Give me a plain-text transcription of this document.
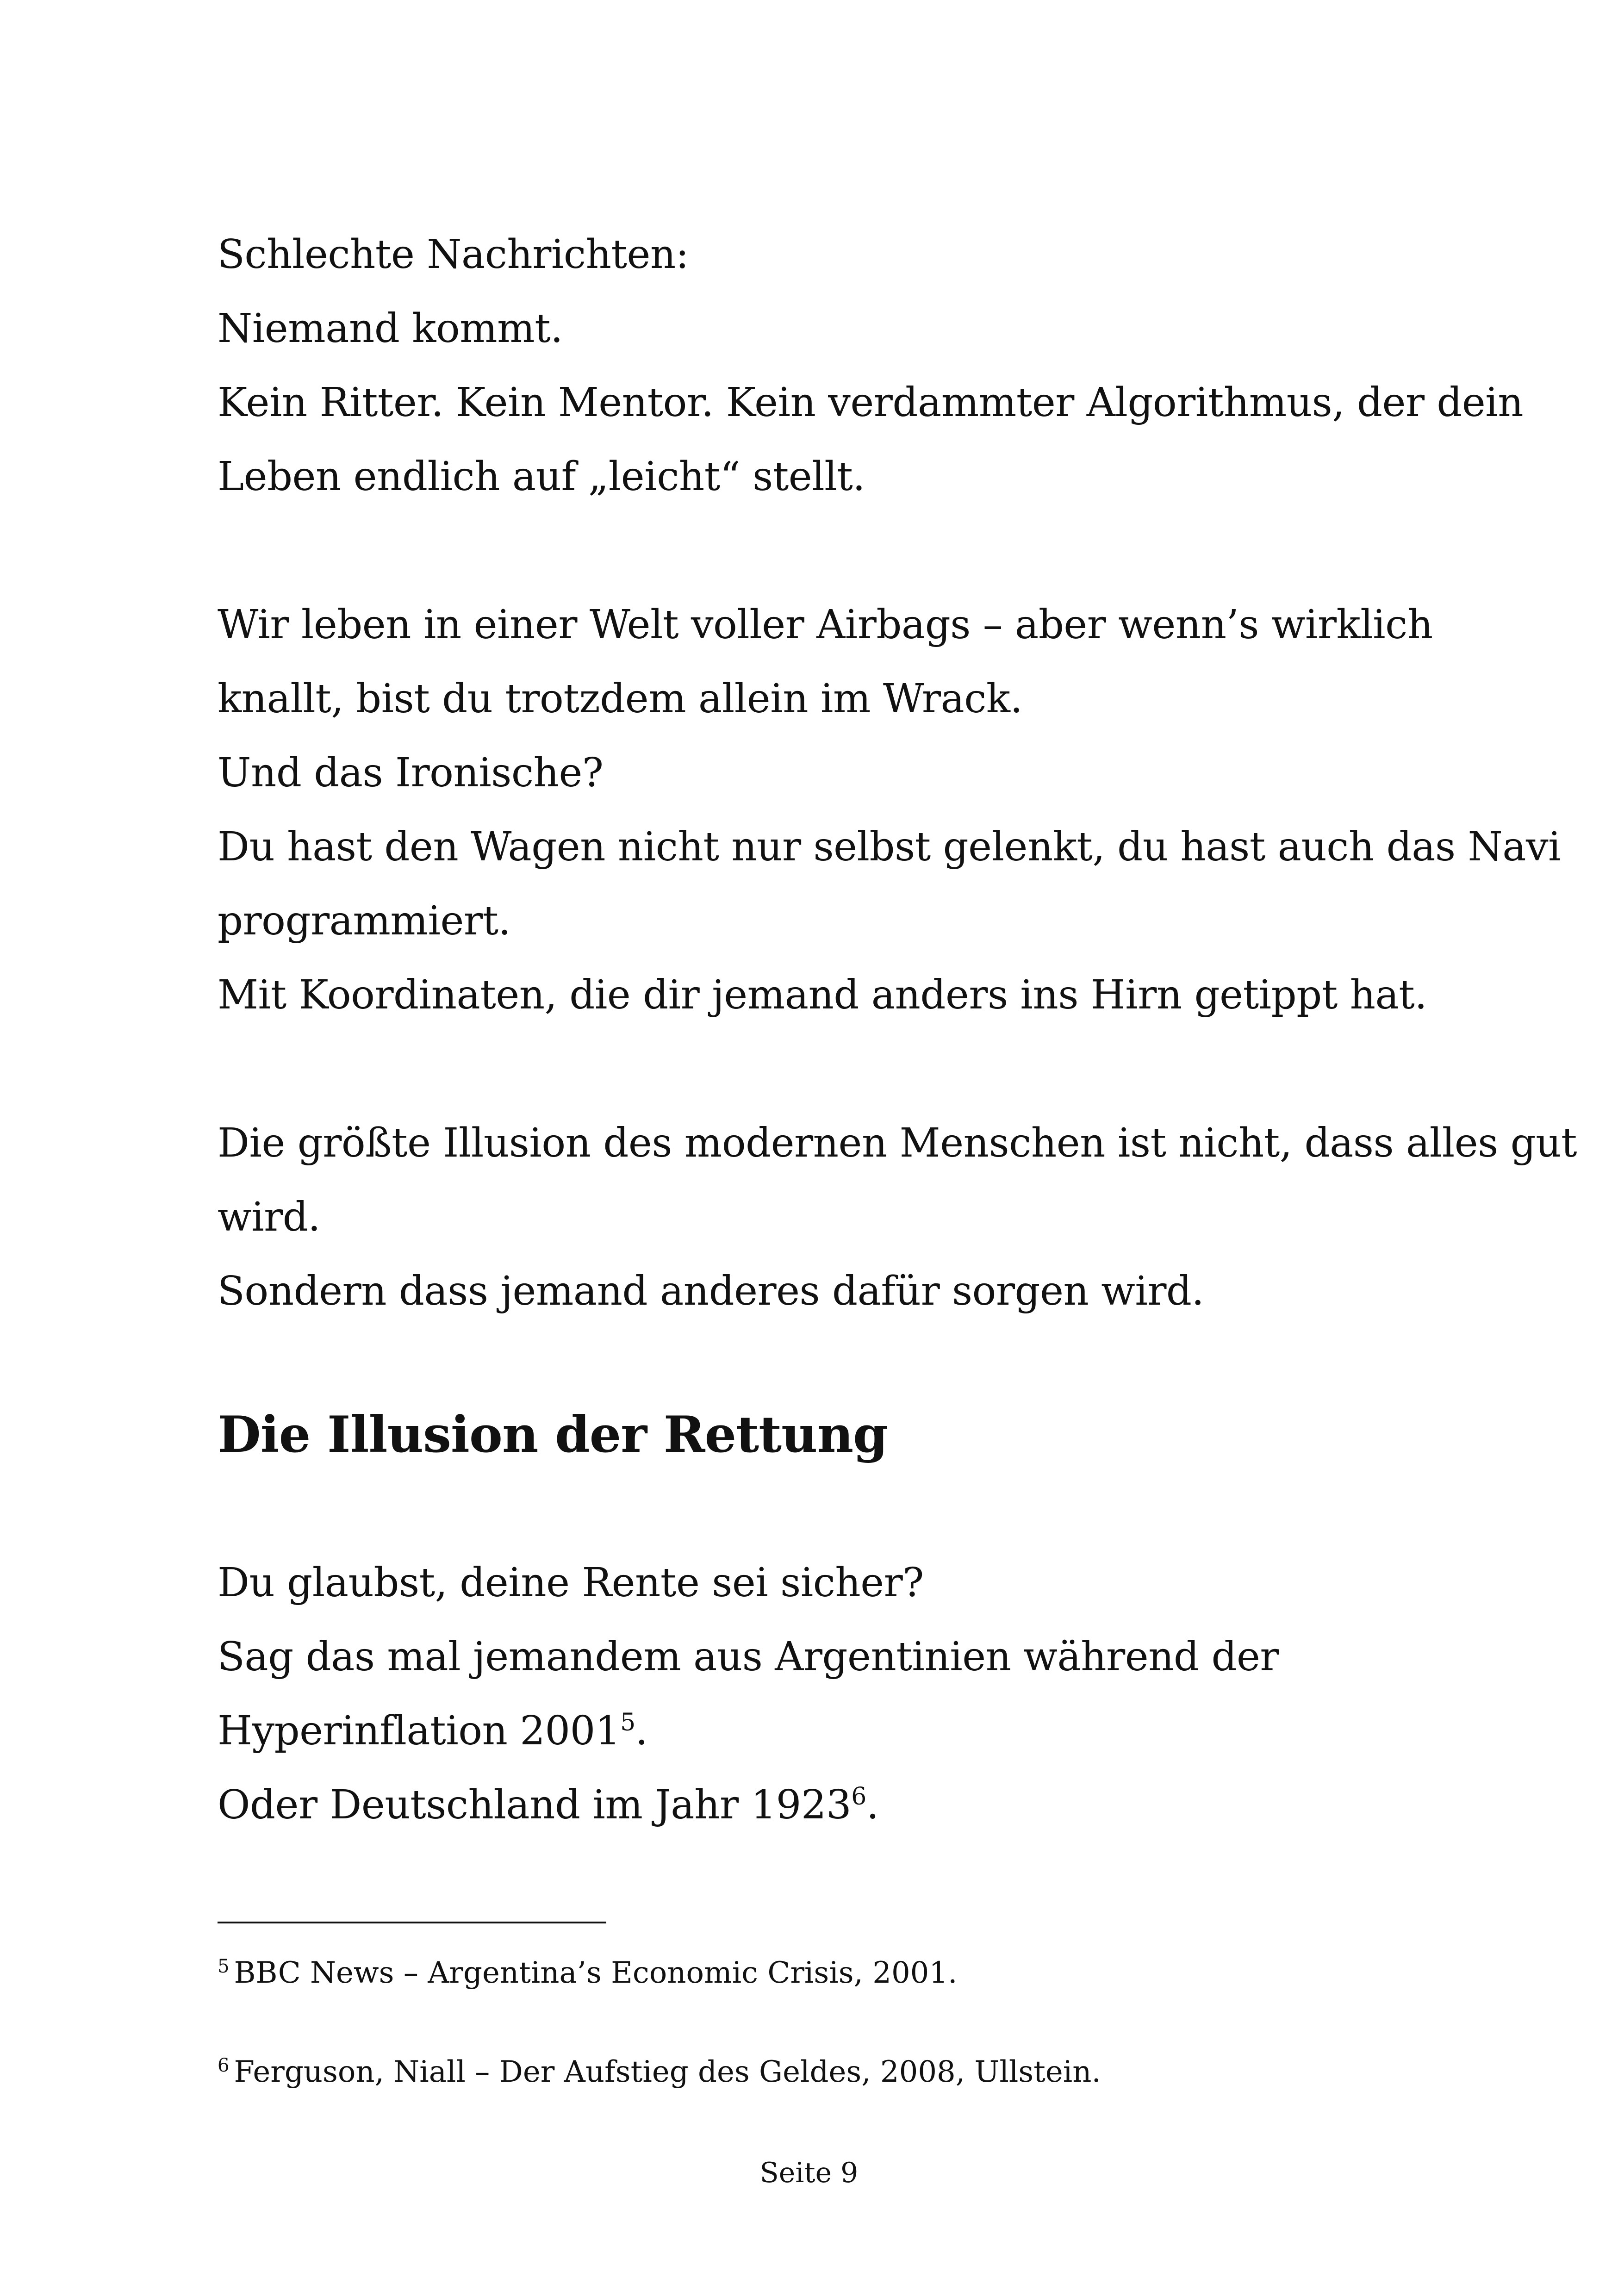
Schlechte Nachrichten:

Niemand kommt.

Kein Ritter. Kein Mentor. Kein verdammter Algorithmus, der dein

Leben endlich auf „leicht“ stellt.

Wir leben in einer Welt voller Airbags – aber wenn’s wirklich

knallt, bist du trotzdem allein im Wrack.

Und das Ironische?

Du hast den Wagen nicht nur selbst gelenkt, du hast auch das Navi

programmiert.

Mit Koordinaten, die dir jemand anders ins Hirn getippt hat.

Die größte Illusion des modernen Menschen ist nicht, dass alles gut

wird.

Sondern dass jemand anderes dafür sorgen wird.

Die Illusion der Rettung

Du glaubst, deine Rente sei sicher?

Sag das mal jemandem aus Argentinien während der

Hyperinflation 2001$^5$.

Oder Deutschland im Jahr 1923$^6$.

$^5$ BBC News – Argentina’s Economic Crisis, 2001.

$^6$ Ferguson, Niall – Der Aufstieg des Geldes, 2008, Ullstein.

Seite 9
